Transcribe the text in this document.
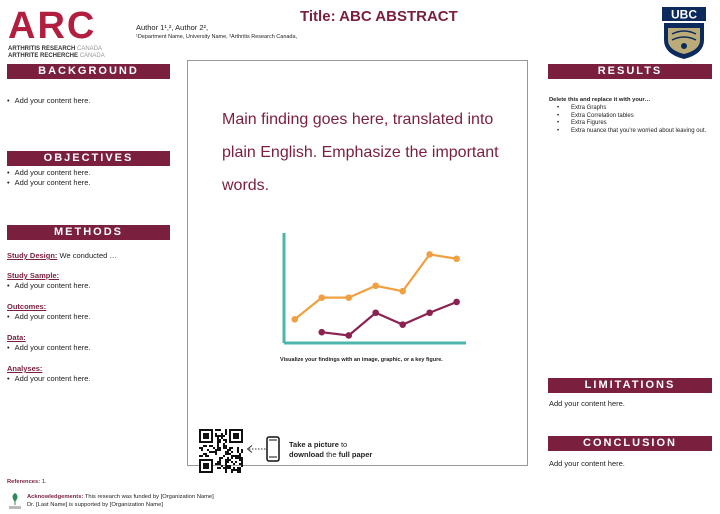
ARC
ARTHRITIS RESEARCH CANADA
ARTHRITE RECHERCHE CANADA
Title: ABC ABSTRACT
Author 1¹,², Author 2²,
¹Department Name, University Name, ²Arthritis Research Canada,
UBC
BACKGROUND
• Add your content here.
OBJECTIVES
• Add your content here.
• Add your content here.
METHODS
Study Design: We conducted …
Study Sample:
• Add your content here.
Outcomes:
• Add your content here.
Data:
• Add your content here.
Analyses:
• Add your content here.
Main finding goes here, translated into plain English. Emphasize the important words.
Visualize your findings with an image, graphic, or a key figure.
Take a picture to
download the full paper
RESULTS
Delete this and replace it with your…
• Extra Graphs
• Extra Correlation tables
• Extra Figures
• Extra nuance that you're worried about leaving out.
LIMITATIONS
Add your content here.
CONCLUSION
Add your content here.
References: 1.
Acknowledgements: This research was funded by [Organization Name]
Dr. [Last Name] is supported by [Organization Name]
